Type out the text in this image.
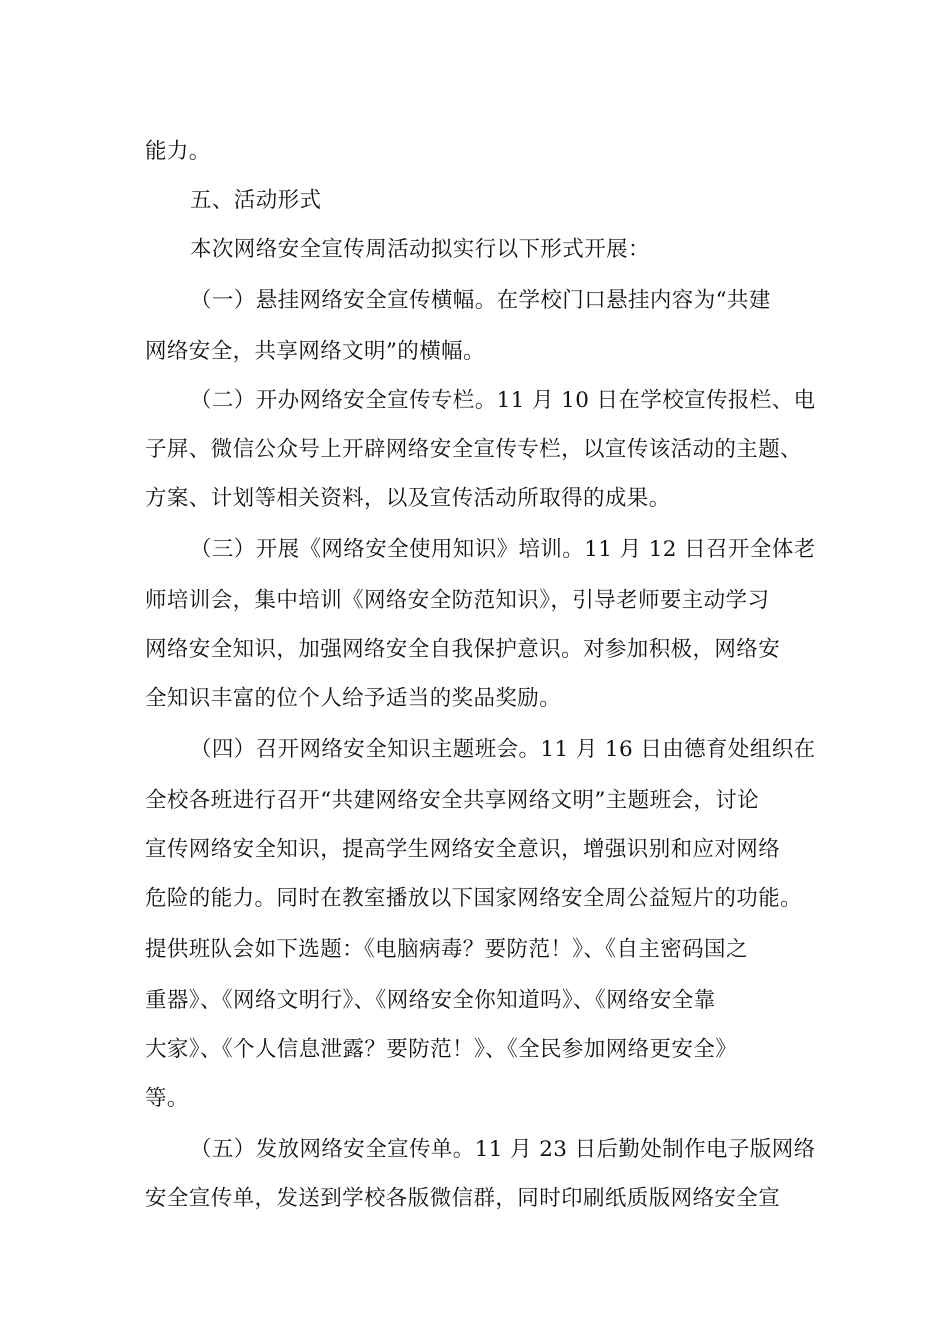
能力。
五、活动形式
本次网络安全宣传周活动拟实行以下形式开展：
（一）悬挂网络安全宣传横幅。在学校门口悬挂内容为“共建
网络安全，共享网络文明”的横幅。
（二）开办网络安全宣传专栏。11 月 10 日在学校宣传报栏、电
子屏、微信公众号上开辟网络安全宣传专栏，以宣传该活动的主题、
方案、计划等相关资料，以及宣传活动所取得的成果。
（三）开展《网络安全使用知识》培训。11 月 12 日召开全体老
师培训会，集中培训《网络安全防范知识》，引导老师要主动学习
网络安全知识，加强网络安全自我保护意识。对参加积极，网络安
全知识丰富的位个人给予适当的奖品奖励。
（四）召开网络安全知识主题班会。11 月 16 日由德育处组织在
全校各班进行召开“共建网络安全共享网络文明”主题班会，讨论
宣传网络安全知识，提高学生网络安全意识，增强识别和应对网络
危险的能力。同时在教室播放以下国家网络安全周公益短片的功能。
提供班队会如下选题：《电脑病毒？要防范！》、《自主密码国之
重器》、《网络文明行》、《网络安全你知道吗》、《网络安全靠
大家》、《个人信息泄露？要防范！》、《全民参加网络更安全》
等。
（五）发放网络安全宣传单。11 月 23 日后勤处制作电子版网络
安全宣传单，发送到学校各版微信群，同时印刷纸质版网络安全宣
